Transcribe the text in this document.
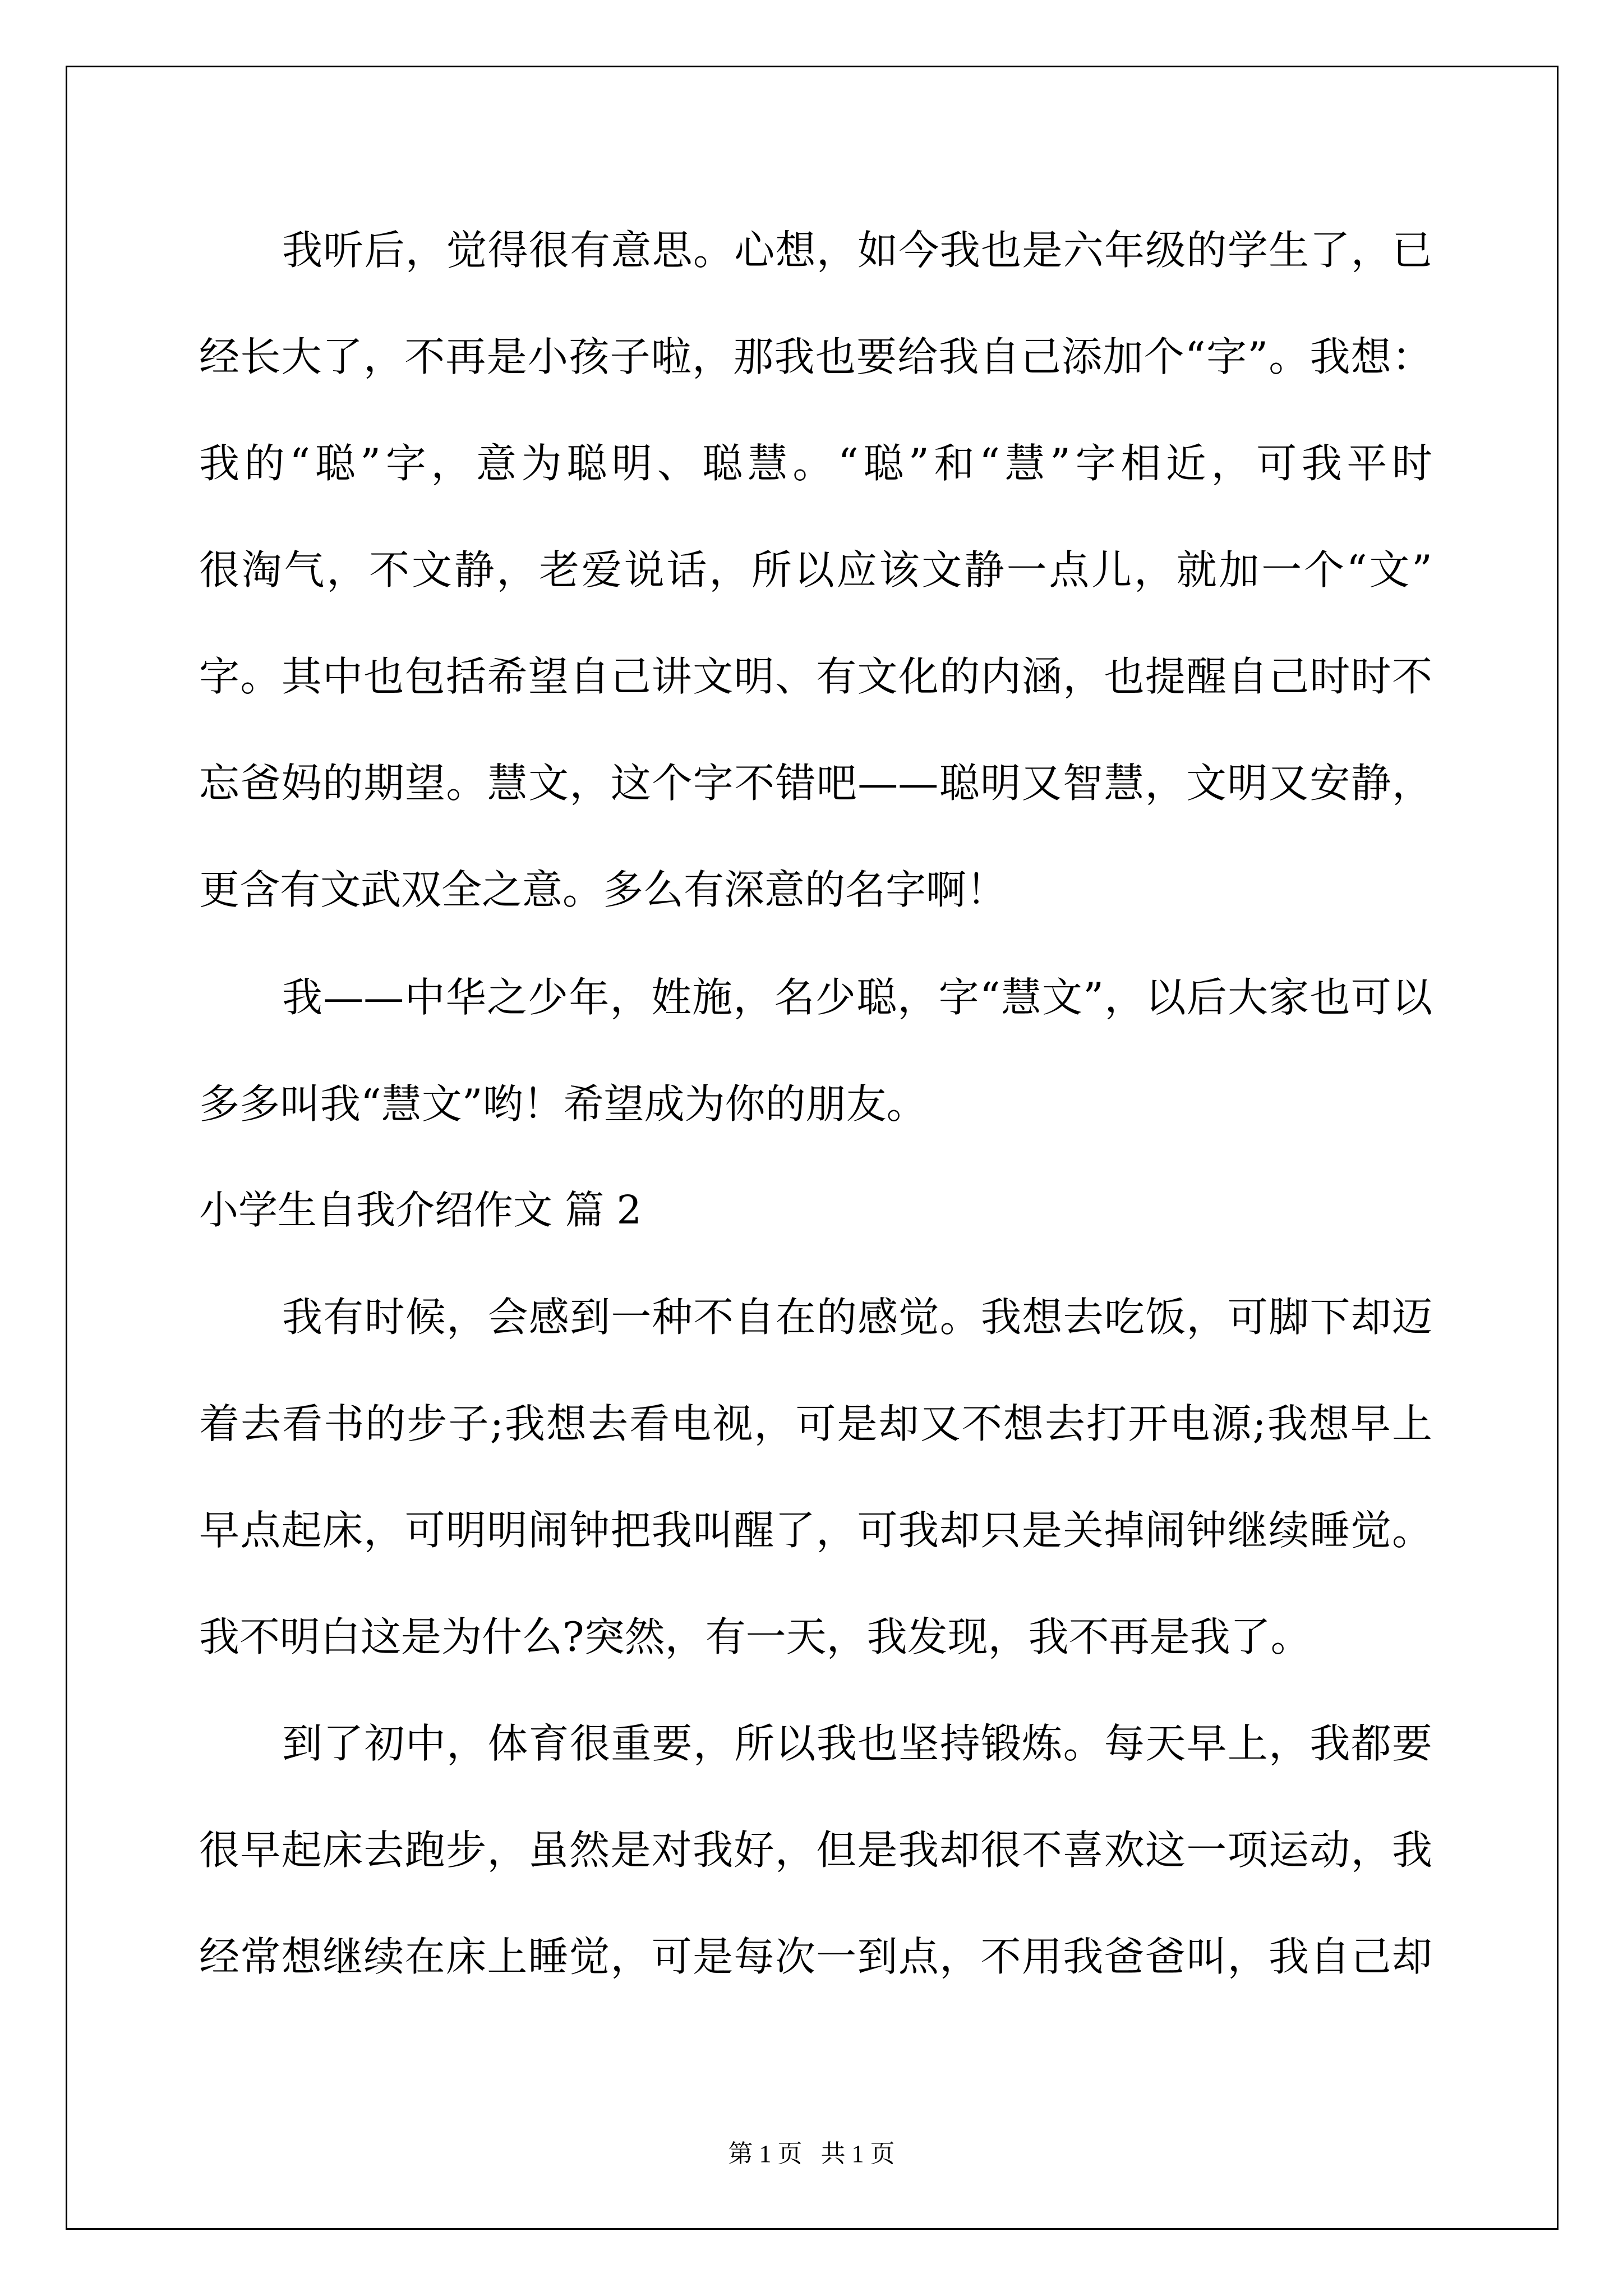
我听后，觉得很有意思。心想，如今我也是六年级的学生了，已

经长大了，不再是小孩子啦，那我也要给我自己添加个“字”。我想：

我的“聪”字，意为聪明、聪慧。“聪”和“慧”字相近，可我平时

很淘气，不文静，老爱说话，所以应该文静一点儿，就加一个“文”

字。其中也包括希望自己讲文明、有文化的内涵，也提醒自己时时不

忘爸妈的期望。慧文，这个字不错吧——聪明又智慧，文明又安静，

更含有文武双全之意。多么有深意的名字啊！

我——中华之少年，姓施，名少聪，字“慧文”，以后大家也可以

多多叫我“慧文”哟！希望成为你的朋友。

小学生自我介绍作文 篇 2

我有时候，会感到一种不自在的感觉。我想去吃饭，可脚下却迈

着去看书的步子;我想去看电视，可是却又不想去打开电源;我想早上

早点起床，可明明闹钟把我叫醒了，可我却只是关掉闹钟继续睡觉。

我不明白这是为什么?突然，有一天，我发现，我不再是我了。

到了初中，体育很重要，所以我也坚持锻炼。每天早上，我都要

很早起床去跑步，虽然是对我好，但是我却很不喜欢这一项运动，我

经常想继续在床上睡觉，可是每次一到点，不用我爸爸叫，我自己却

第 1 页   共 1 页
